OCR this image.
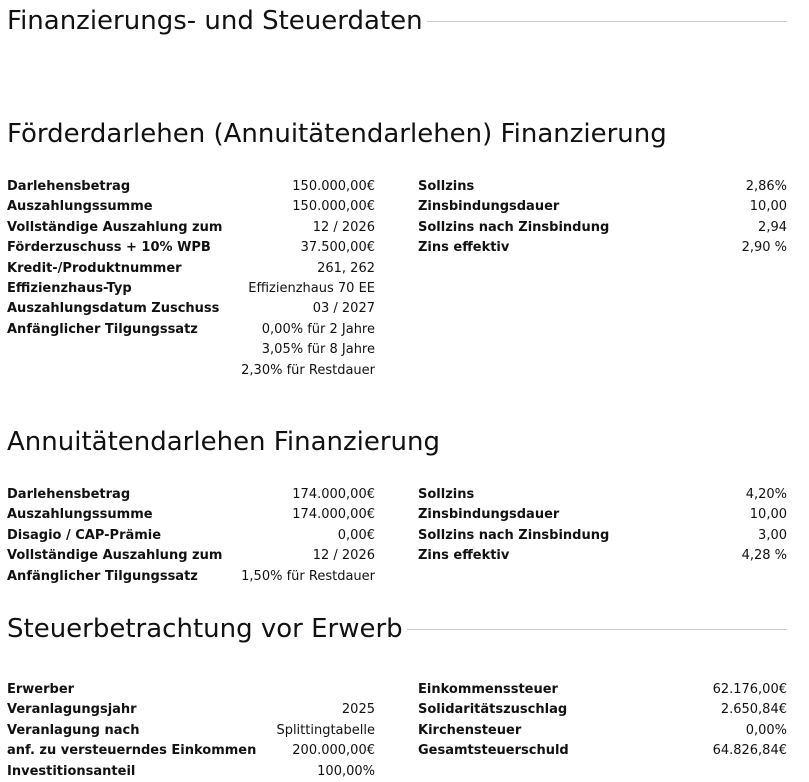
Finanzierungs- und Steuerdaten
Förderdarlehen (Annuitätendarlehen) Finanzierung
Darlehensbetrag	150.000,00€
Auszahlungssumme	150.000,00€
Vollständige Auszahlung zum	12 / 2026
Förderzuschuss + 10% WPB	37.500,00€
Kredit-/Produktnummer	261, 262
Effizienzhaus-Typ	Effizienzhaus 70 EE
Auszahlungsdatum Zuschuss	03 / 2027
Anfänglicher Tilgungssatz	0,00% für 2 Jahre
3,05% für 8 Jahre
2,30% für Restdauer
Sollzins	2,86%
Zinsbindungsdauer	10,00
Sollzins nach Zinsbindung	2,94
Zins effektiv	2,90 %
Annuitätendarlehen Finanzierung
Darlehensbetrag	174.000,00€
Auszahlungssumme	174.000,00€
Disagio / CAP-Prämie	0,00€
Vollständige Auszahlung zum	12 / 2026
Anfänglicher Tilgungssatz	1,50% für Restdauer
Sollzins	4,20%
Zinsbindungsdauer	10,00
Sollzins nach Zinsbindung	3,00
Zins effektiv	4,28 %
Steuerbetrachtung vor Erwerb
Erwerber
Veranlagungsjahr	2025
Veranlagung nach	Splittingtabelle
anf. zu versteuerndes Einkommen	200.000,00€
Investitionsanteil	100,00%
Einkommenssteuer	62.176,00€
Solidaritätszuschlag	2.650,84€
Kirchensteuer	0,00%
Gesamtsteuerschuld	64.826,84€
